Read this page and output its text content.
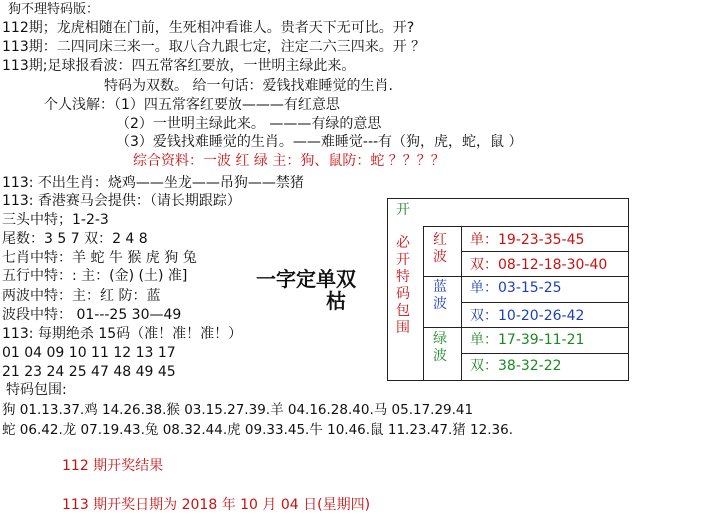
狗不理特码版：
112期；龙虎相随在门前，生死相冲看谁人。贵者天下无可比。开?
113期：二四同床三来一。取八合九跟七定，注定二六三四来。开 ？
113期;足球报看波：四五常客红要放，一世明主绿此来。
特码为双数。 给一句话：爱钱找难睡觉的生肖.
个人浅解：（1）四五常客红要放———有红意思
（2）一世明主绿此来。 ———有绿的意思
（3）爱钱找难睡觉的生肖。——难睡觉---有（狗，虎，蛇，鼠 ）
综合资料：一波 红 绿 主：狗、鼠防：蛇 ？？？？
113: 不出生肖：烧鸡——坐龙——吊狗——禁猪
113: 香港赛马会提供：（请长期跟踪）
三头中特；1-2-3
尾数：3 5 7 双：2 4 8
七肖中特：羊 蛇 牛 猴 虎 狗 兔
五行中特：: 主：(金) (土) 准]
两波中特：主：红 防：蓝
波段中特： 01---25 30—49
113: 每期绝杀 15码（准！准！准！）
01 04 09 10 11 12 13 17
21 23 24 25 47 48 49 45
一字定单双
枯
开
必开特码包围
红波
蓝波
绿波
单：19-23-35-45
双：08-12-18-30-40
单：03-15-25
双：10-20-26-42
单：17-39-11-21
双：38-32-22
特码包围:
狗 01.13.37.鸡 14.26.38.猴 03.15.27.39.羊 04.16.28.40.马 05.17.29.41
蛇 06.42.龙 07.19.43.兔 08.32.44.虎 09.33.45.牛 10.46.鼠 11.23.47.猪 12.36.
112 期开奖结果
113 期开奖日期为 2018 年 10 月 04 日(星期四)
